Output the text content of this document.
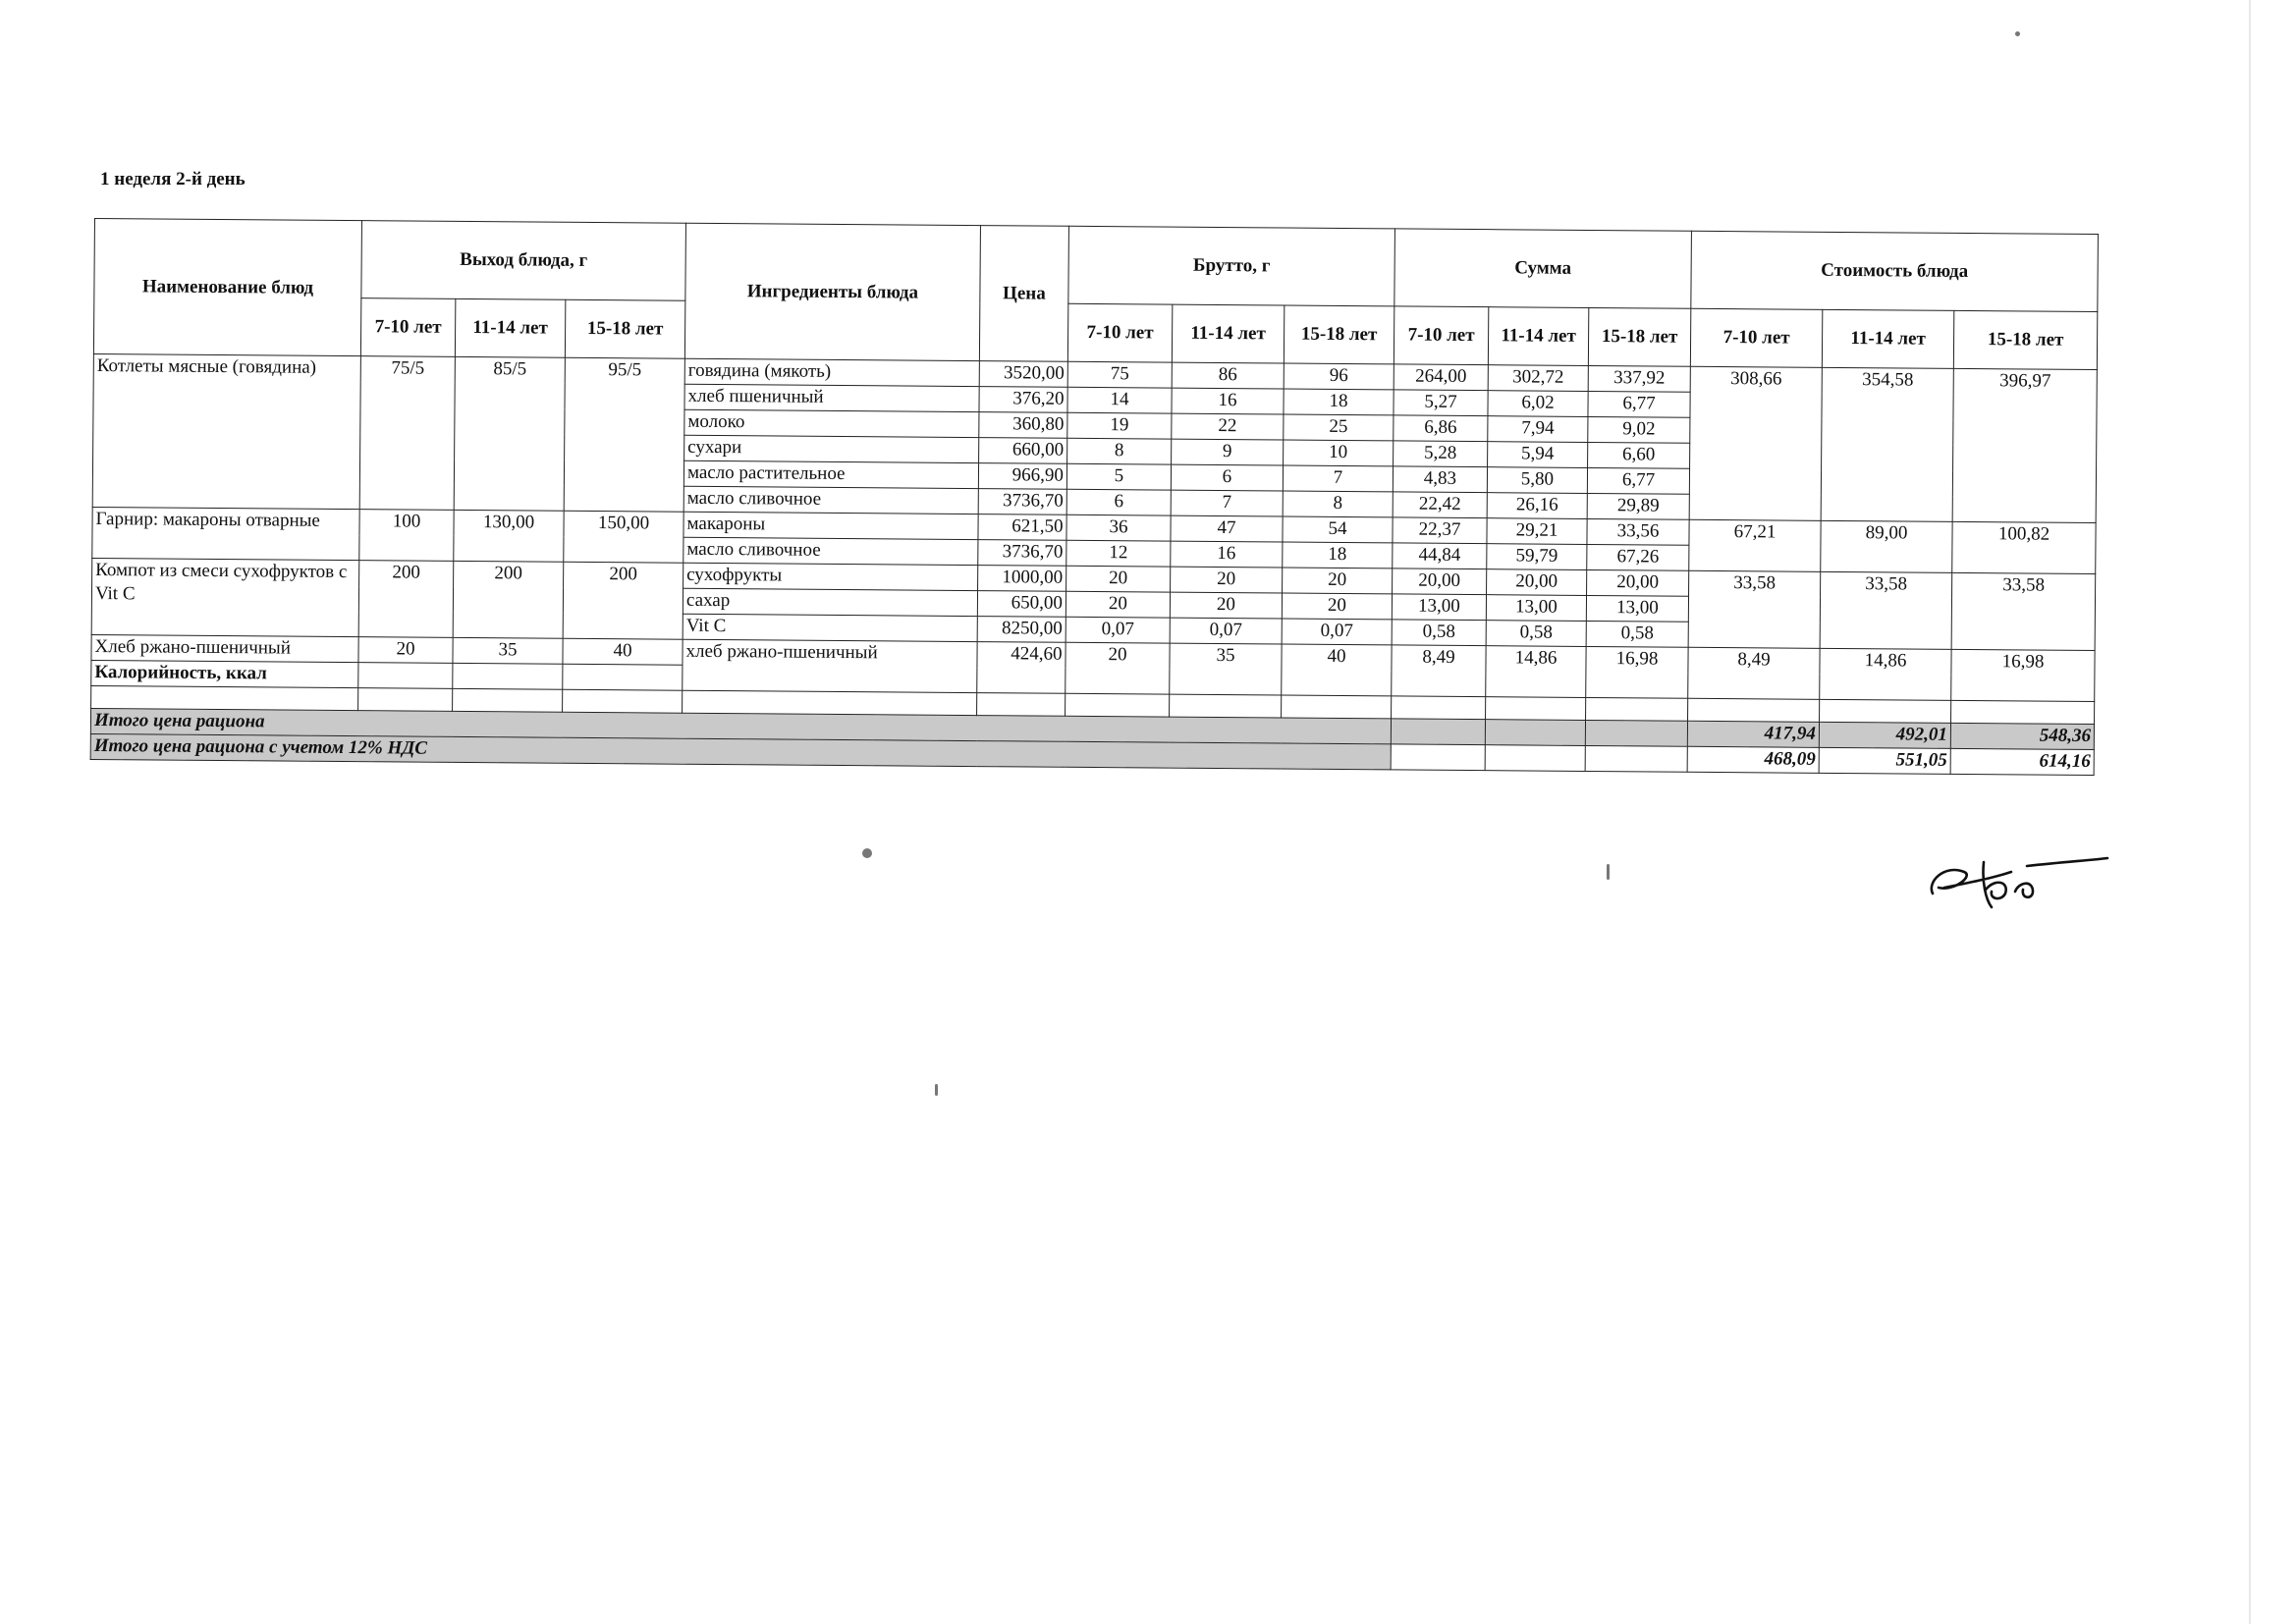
1 неделя 2-й день
Наименование блюд	Выход блюда, г			Ингредиенты блюда	Цена	Брутто, г			Сумма			Стоимость блюда		
	7-10 лет	11-14 лет	15-18 лет			7-10 лет	11-14 лет	15-18 лет	7-10 лет	11-14 лет	15-18 лет	7-10 лет	11-14 лет	15-18 лет
Котлеты мясные (говядина)	75/5	85/5	95/5	говядина (мякоть)	3520,00	75	86	96	264,00	302,72	337,92	308,66	354,58	396,97
				хлеб пшеничный	376,20	14	16	18	5,27	6,02	6,77			
				молоко	360,80	19	22	25	6,86	7,94	9,02			
				сухари	660,00	8	9	10	5,28	5,94	6,60			
				масло растительное	966,90	5	6	7	4,83	5,80	6,77			
				масло сливочное	3736,70	6	7	8	22,42	26,16	29,89			
Гарнир: макароны отварные	100	130,00	150,00	макароны	621,50	36	47	54	22,37	29,21	33,56	67,21	89,00	100,82
				масло сливочное	3736,70	12	16	18	44,84	59,79	67,26			
Компот из смеси сухофруктов с Vit C	200	200	200	сухофрукты	1000,00	20	20	20	20,00	20,00	20,00	33,58	33,58	33,58
				сахар	650,00	20	20	20	13,00	13,00	13,00			
				Vit C	8250,00	0,07	0,07	0,07	0,58	0,58	0,58			
Хлеб ржано-пшеничный	20	35	40	хлеб ржано-пшеничный	424,60	20	35	40	8,49	14,86	16,98	8,49	14,86	16,98
Калорийность, ккал														

Итого цена рациона												417,94	492,01	548,36
Итого цена рациона с учетом 12% НДС												468,09	551,05	614,16
